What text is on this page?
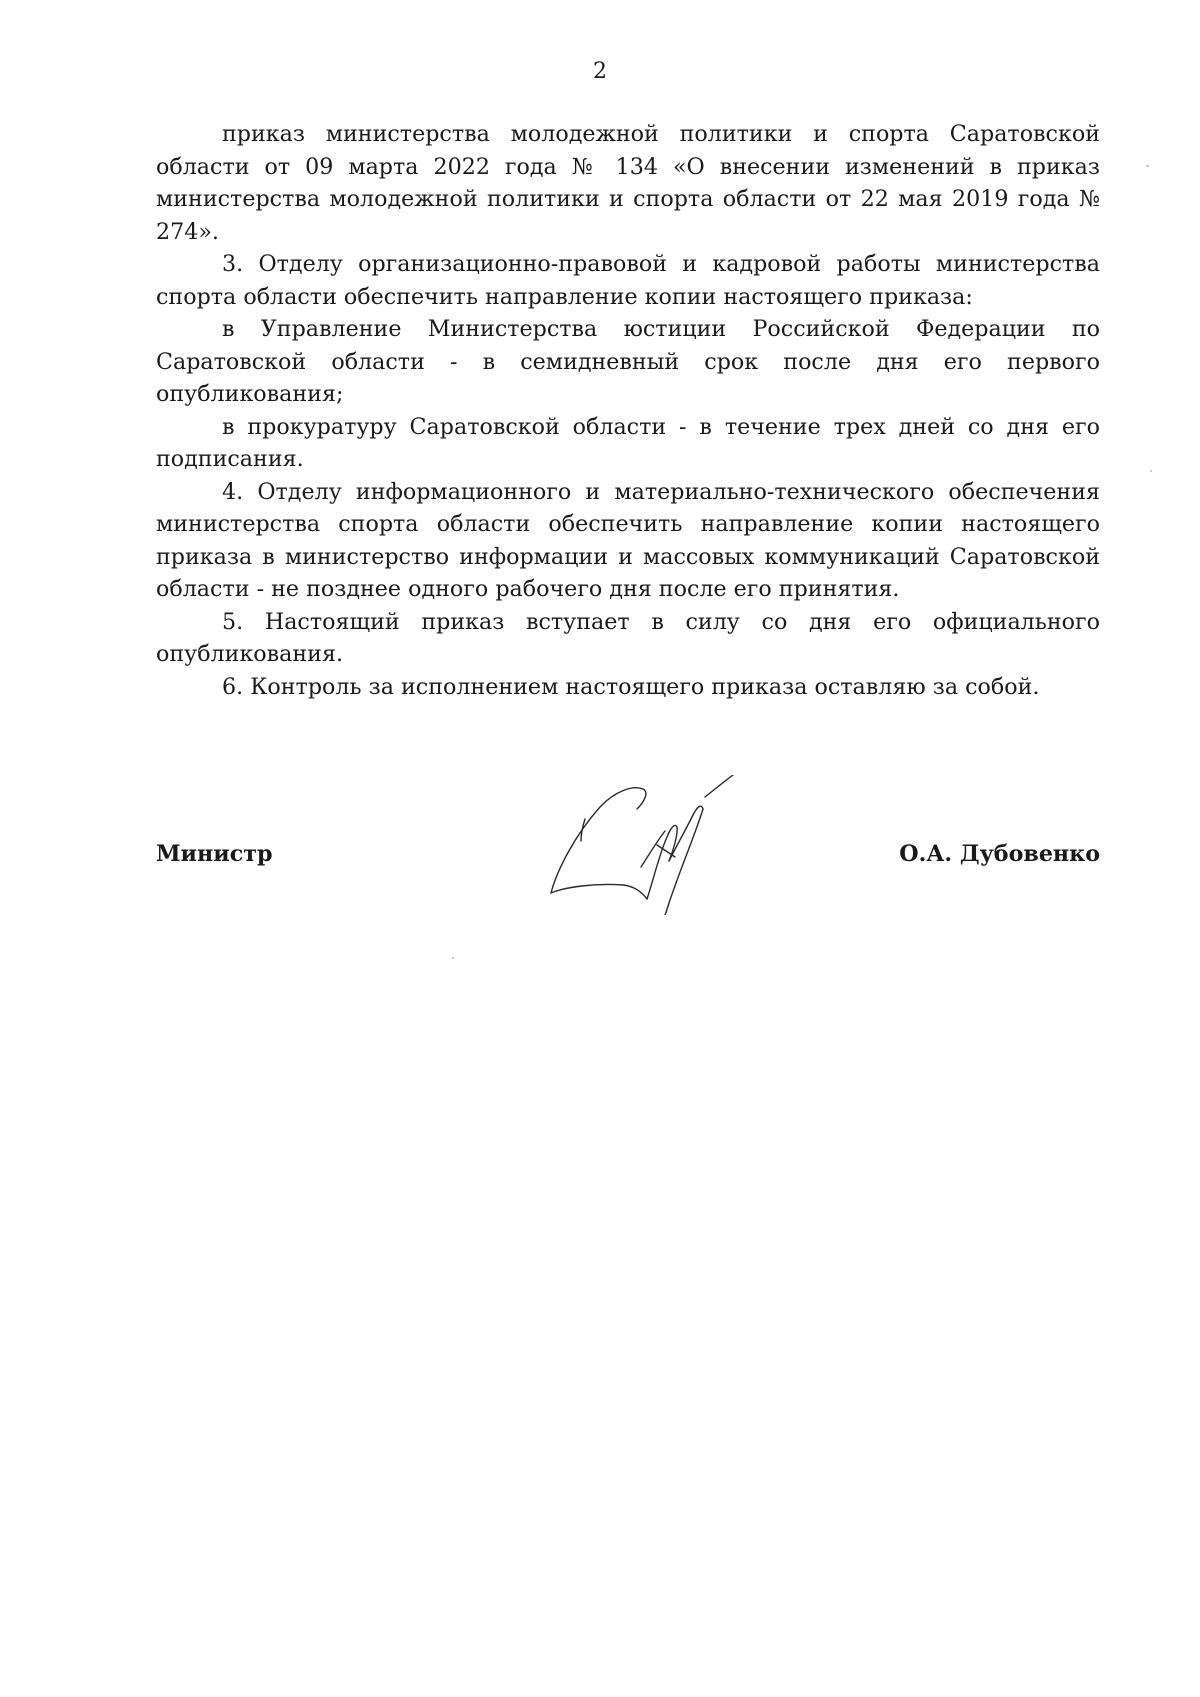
2

приказ министерства молодежной политики и спорта Саратовской области от 09 марта 2022 года № 134 «О внесении изменений в приказ министерства молодежной политики и спорта области от 22 мая 2019 года № 274».

3. Отделу организационно-правовой и кадровой работы министерства спорта области обеспечить направление копии настоящего приказа:

в Управление Министерства юстиции Российской Федерации по Саратовской области - в семидневный срок после дня его первого опубликования;

в прокуратуру Саратовской области - в течение трех дней со дня его подписания.

4. Отделу информационного и материально-технического обеспечения министерства спорта области обеспечить направление копии настоящего приказа в министерство информации и массовых коммуникаций Саратовской области - не позднее одного рабочего дня после его принятия.

5. Настоящий приказ вступает в силу со дня его официального опубликования.

6. Контроль за исполнением настоящего приказа оставляю за собой.

Министр	О.А. Дубовенко
